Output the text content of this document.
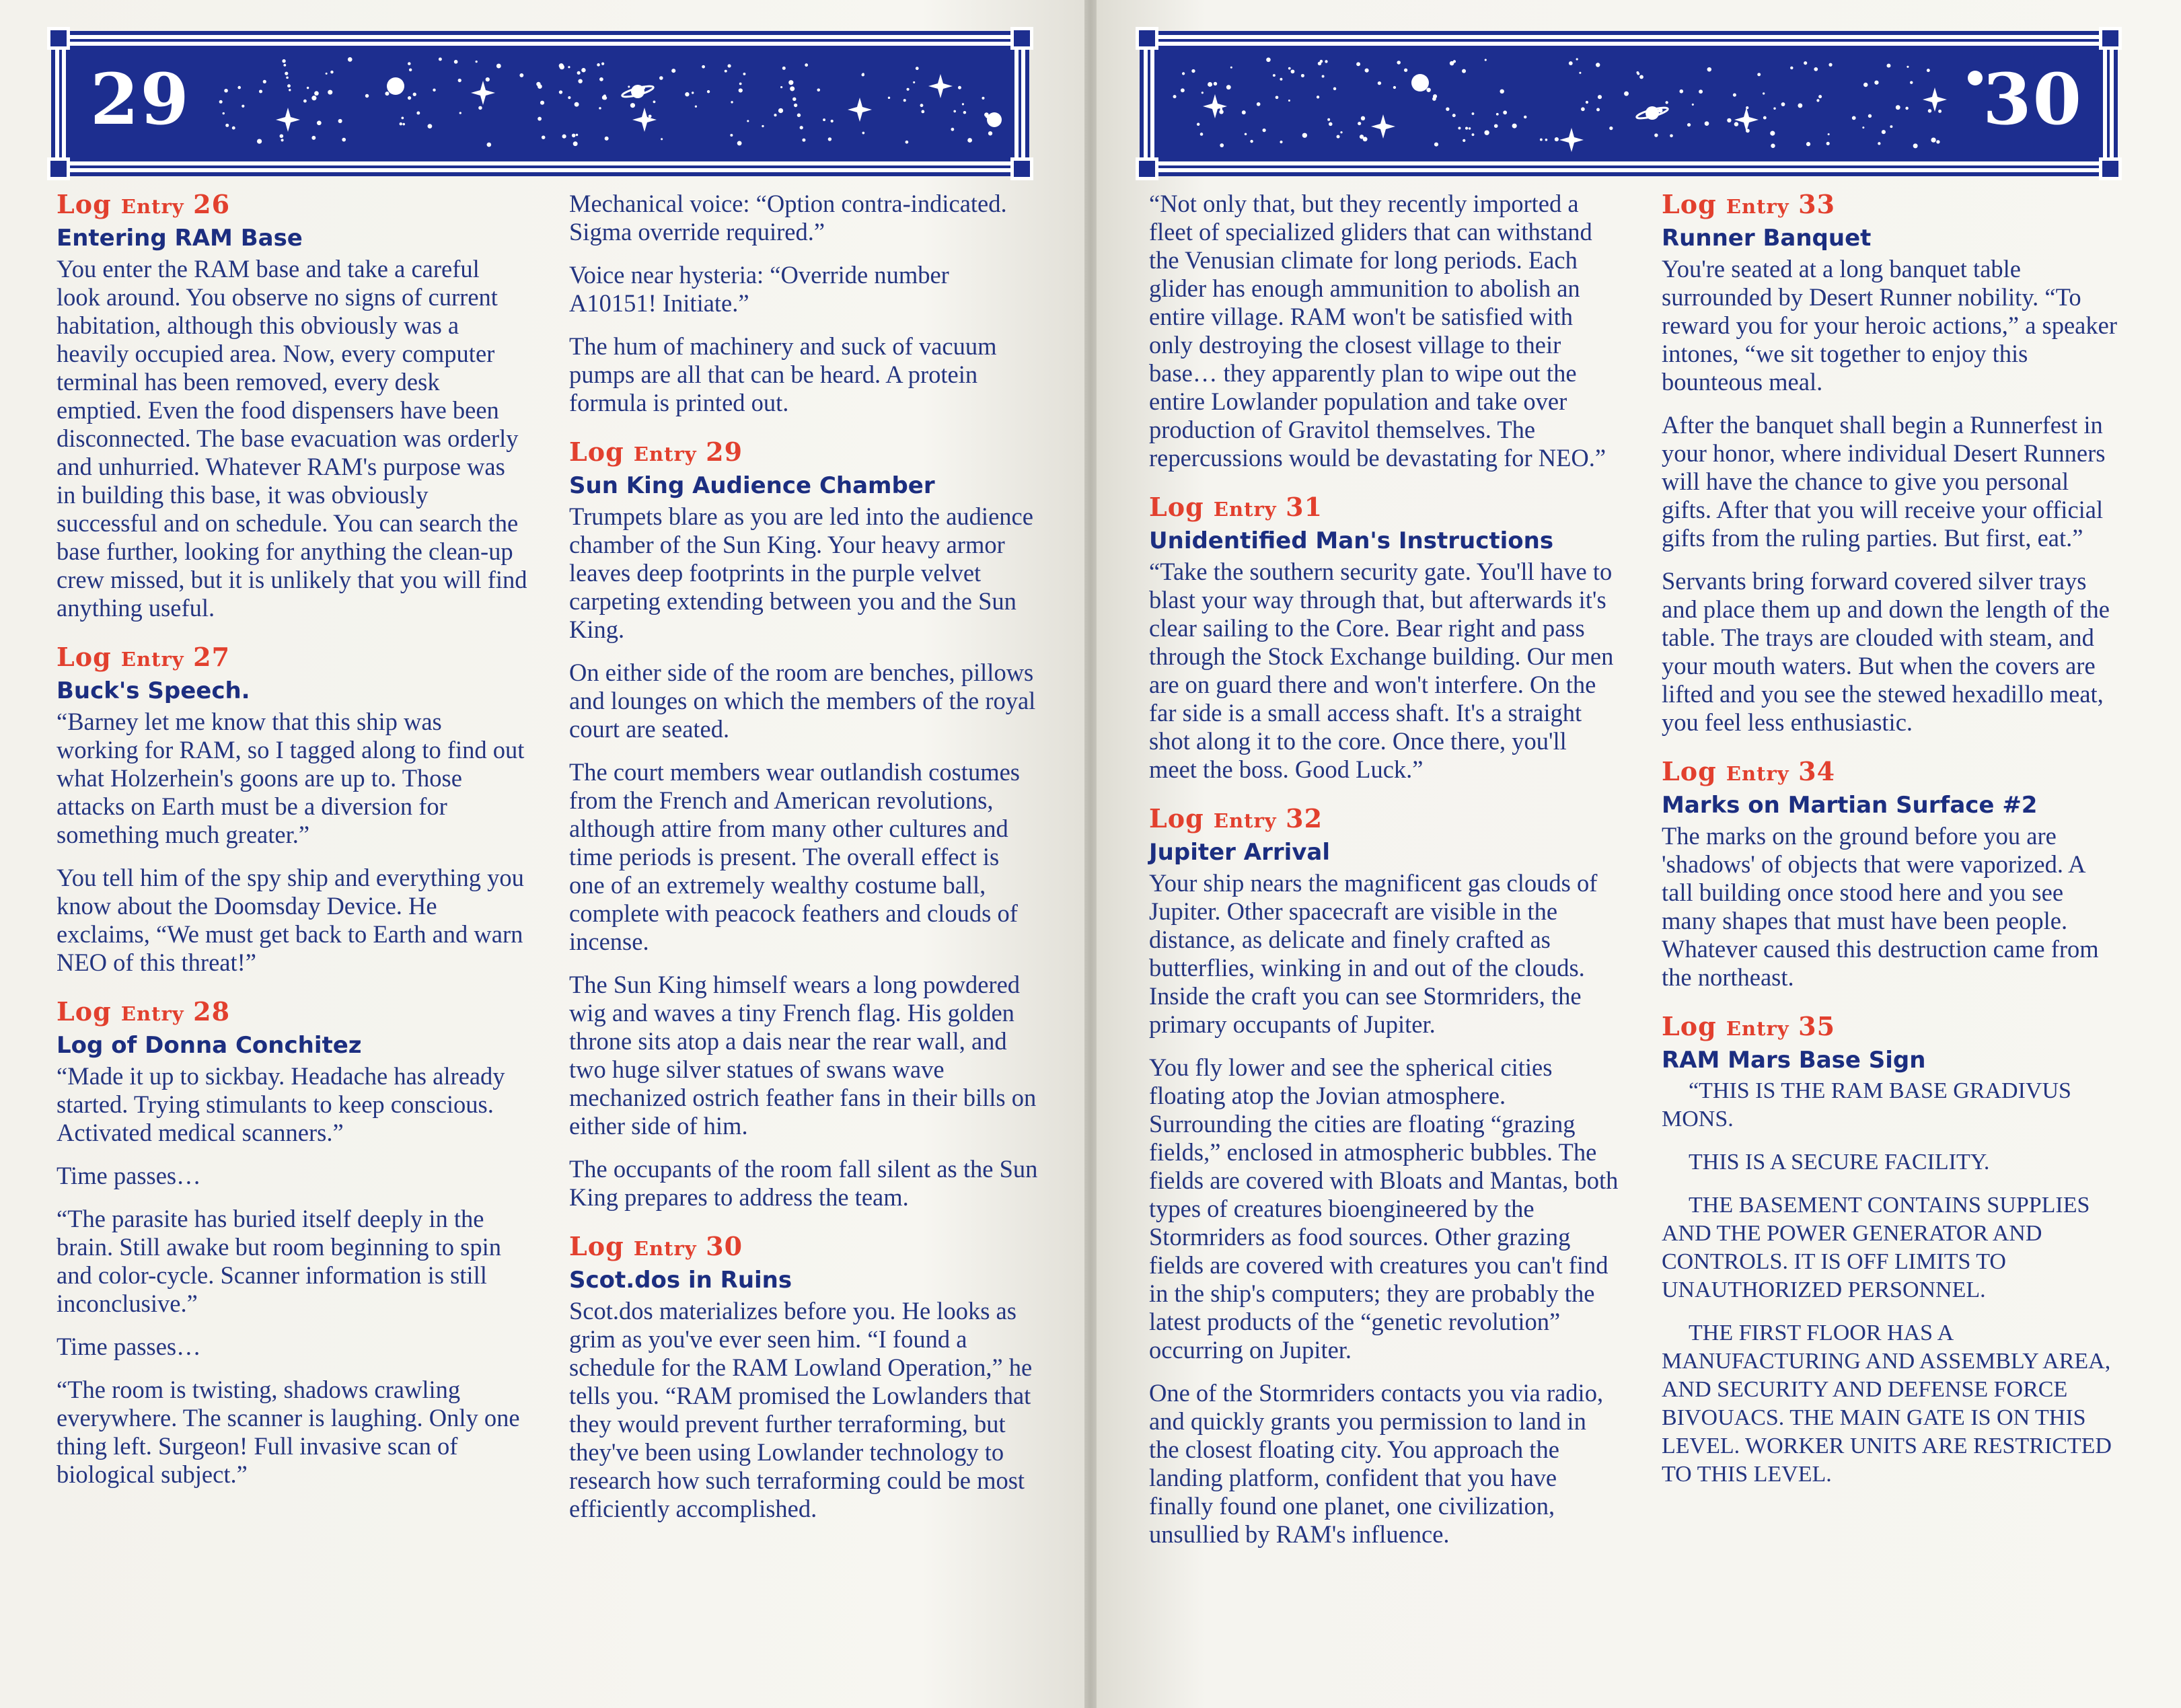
29
Log Entry 26
Entering RAM Base

You enter the RAM base and take a careful look around. You observe no signs of current habitation, although this obviously was a heavily occupied area. Now, every computer terminal has been removed, every desk emptied. Even the food dispensers have been disconnected. The base evacuation was orderly and unhurried. Whatever RAM's purpose was in building this base, it was obviously successful and on schedule. You can search the base further, looking for anything the clean-up crew missed, but it is unlikely that you will find anything useful.

Log Entry 27
Buck's Speech.

“Barney let me know that this ship was working for RAM, so I tagged along to find out what Holzerhein's goons are up to. Those attacks on Earth must be a diversion for something much greater.”

You tell him of the spy ship and everything you know about the Doomsday Device. He exclaims, “We must get back to Earth and warn NEO of this threat!”

Log Entry 28
Log of Donna Conchitez

“Made it up to sickbay. Headache has already started. Trying stimulants to keep conscious. Activated medical scanners.”

Time passes…

“The parasite has buried itself deeply in the brain. Still awake but room beginning to spin and color-cycle. Scanner information is still inconclusive.”

Time passes…

“The room is twisting, shadows crawling everywhere. The scanner is laughing. Only one thing left. Surgeon! Full invasive scan of biological subject.”

Mechanical voice: “Option contra-indicated. Sigma override required.”

Voice near hysteria: “Override number A10151! Initiate.”

The hum of machinery and suck of vacuum pumps are all that can be heard. A protein formula is printed out.

Log Entry 29
Sun King Audience Chamber

Trumpets blare as you are led into the audience chamber of the Sun King. Your heavy armor leaves deep footprints in the purple velvet carpeting extending between you and the Sun King.

On either side of the room are benches, pillows and lounges on which the members of the royal court are seated.

The court members wear outlandish costumes from the French and American revolutions, although attire from many other cultures and time periods is present. The overall effect is one of an extremely wealthy costume ball, complete with peacock feathers and clouds of incense.

The Sun King himself wears a long powdered wig and waves a tiny French flag. His golden throne sits atop a dais near the rear wall, and two huge silver statues of swans wave mechanized ostrich feather fans in their bills on either side of him.

The occupants of the room fall silent as the Sun King prepares to address the team.

Log Entry 30
Scot.dos in Ruins

Scot.dos materializes before you. He looks as grim as you've ever seen him. “I found a schedule for the RAM Lowland Operation,” he tells you. “RAM promised the Lowlanders that they would prevent further terraforming, but they've been using Lowlander technology to research how such terraforming could be most efficiently accomplished.

30

“Not only that, but they recently imported a fleet of specialized gliders that can withstand the Venusian climate for long periods. Each glider has enough ammunition to abolish an entire village. RAM won't be satisfied with only destroying the closest village to their base… they apparently plan to wipe out the entire Lowlander population and take over production of Gravitol themselves. The repercussions would be devastating for NEO.”

Log Entry 31
Unidentified Man's Instructions

“Take the southern security gate. You'll have to blast your way through that, but afterwards it's clear sailing to the Core. Bear right and pass through the Stock Exchange building. Our men are on guard there and won't interfere. On the far side is a small access shaft. It's a straight shot along it to the core. Once there, you'll meet the boss. Good Luck.”

Log Entry 32
Jupiter Arrival

Your ship nears the magnificent gas clouds of Jupiter. Other spacecraft are visible in the distance, as delicate and finely crafted as butterflies, winking in and out of the clouds. Inside the craft you can see Stormriders, the primary occupants of Jupiter.

You fly lower and see the spherical cities floating atop the Jovian atmosphere. Surrounding the cities are floating “grazing fields,” enclosed in atmospheric bubbles. The fields are covered with Bloats and Mantas, both types of creatures bioengineered by the Stormriders as food sources. Other grazing fields are covered with creatures you can't find in the ship's computers; they are probably the latest products of the “genetic revolution” occurring on Jupiter.

One of the Stormriders contacts you via radio, and quickly grants you permission to land in the closest floating city. You approach the landing platform, confident that you have finally found one planet, one civilization, unsullied by RAM's influence.

Log Entry 33
Runner Banquet

You're seated at a long banquet table surrounded by Desert Runner nobility. “To reward you for your heroic actions,” a speaker intones, “we sit together to enjoy this bounteous meal.

After the banquet shall begin a Runnerfest in your honor, where individual Desert Runners will have the chance to give you personal gifts. After that you will receive your official gifts from the ruling parties. But first, eat.”

Servants bring forward covered silver trays and place them up and down the length of the table. The trays are clouded with steam, and your mouth waters. But when the covers are lifted and you see the stewed hexadillo meat, you feel less enthusiastic.

Log Entry 34
Marks on Martian Surface #2

The marks on the ground before you are 'shadows' of objects that were vaporized. A tall building once stood here and you see many shapes that must have been people. Whatever caused this destruction came from the northeast.

Log Entry 35
RAM Mars Base Sign

“THIS IS THE RAM BASE GRADIVUS MONS.

THIS IS A SECURE FACILITY.

THE BASEMENT CONTAINS SUPPLIES AND THE POWER GENERATOR AND CONTROLS. IT IS OFF LIMITS TO UNAUTHORIZED PERSONNEL.

THE FIRST FLOOR HAS A MANUFACTURING AND ASSEMBLY AREA, AND SECURITY AND DEFENSE FORCE BIVOUACS. THE MAIN GATE IS ON THIS LEVEL. WORKER UNITS ARE RESTRICTED TO THIS LEVEL.
